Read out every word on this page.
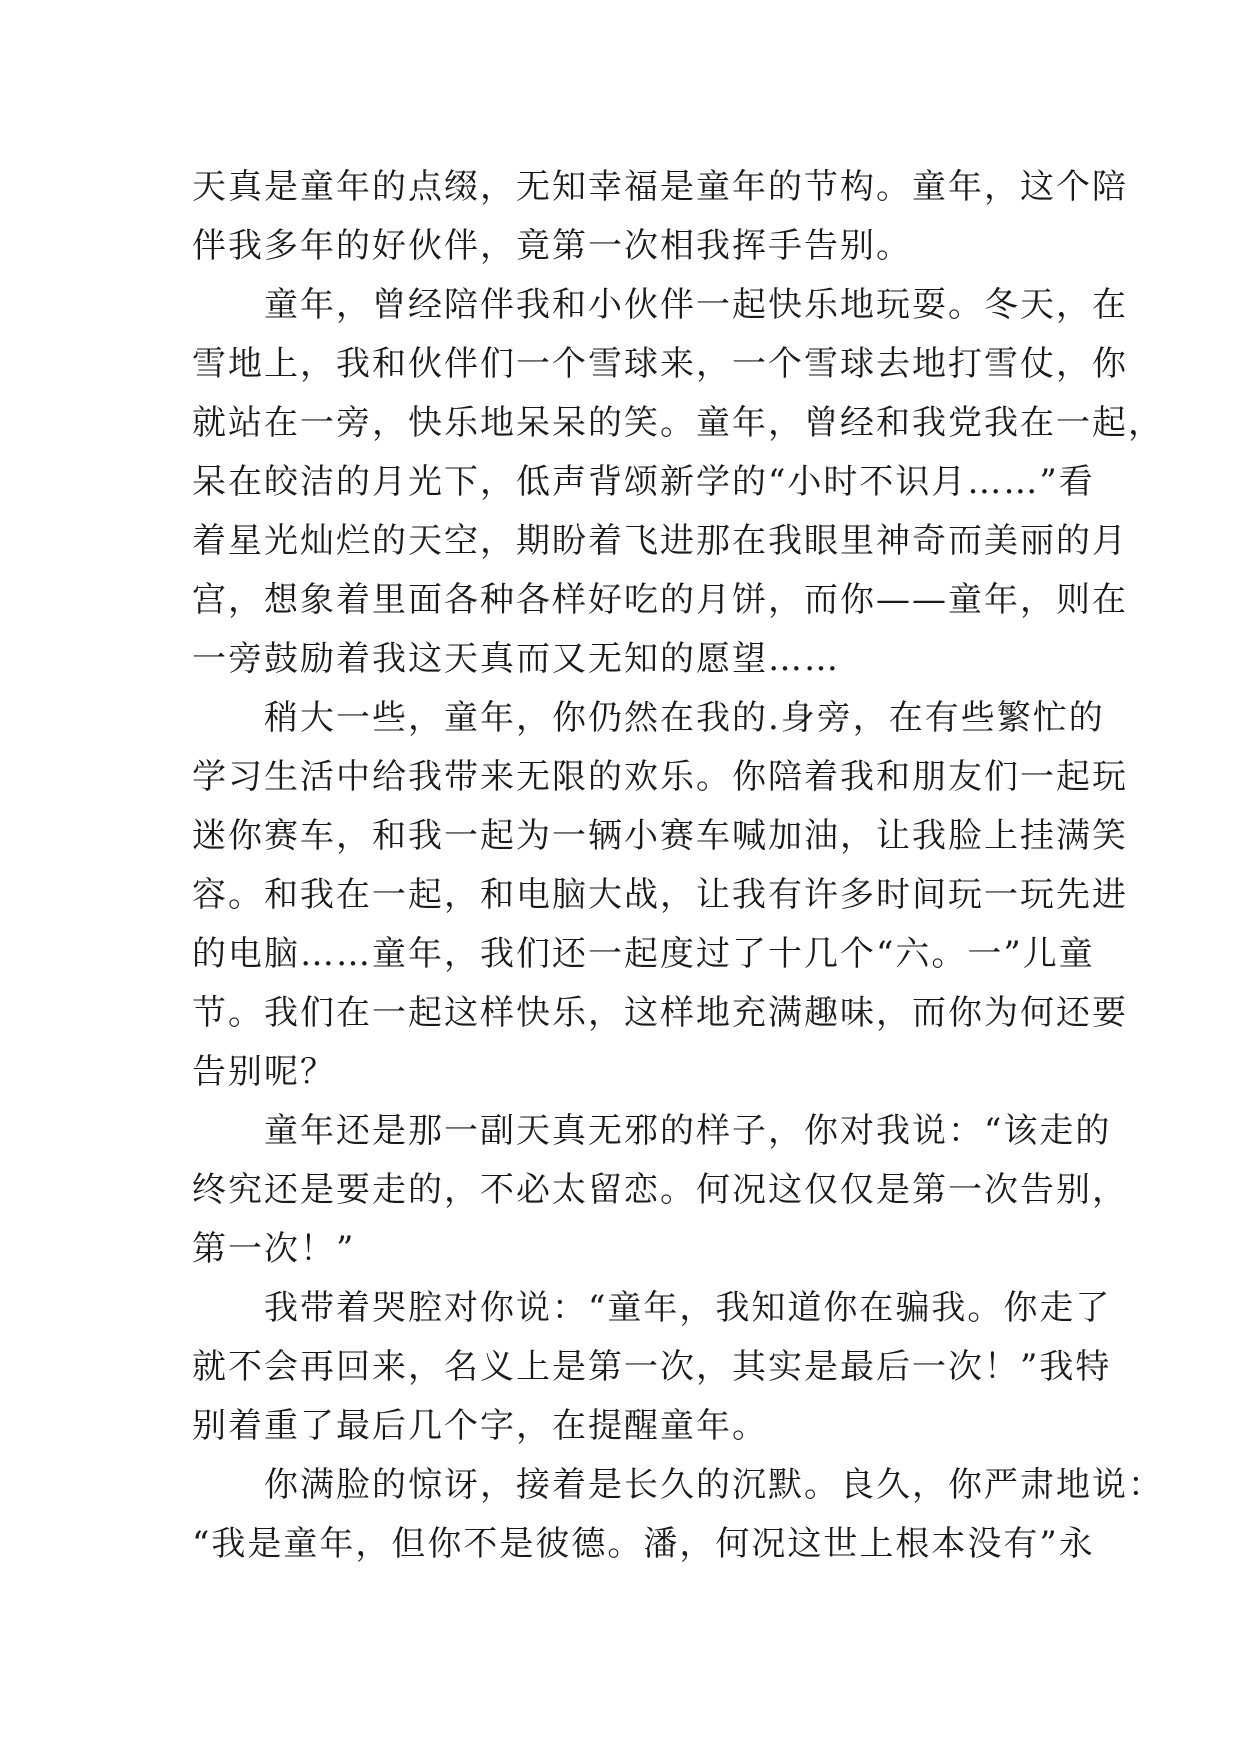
天真是童年的点缀，无知幸福是童年的节构。童年，这个陪
伴我多年的好伙伴，竟第一次相我挥手告别。
童年，曾经陪伴我和小伙伴一起快乐地玩耍。冬天，在
雪地上，我和伙伴们一个雪球来，一个雪球去地打雪仗，你
就站在一旁，快乐地呆呆的笑。童年，曾经和我党我在一起，
呆在皎洁的月光下，低声背颂新学的“小时不识月……”看
着星光灿烂的天空，期盼着飞进那在我眼里神奇而美丽的月
宫，想象着里面各种各样好吃的月饼，而你——童年，则在
一旁鼓励着我这天真而又无知的愿望……
稍大一些，童年，你仍然在我的.身旁，在有些繁忙的
学习生活中给我带来无限的欢乐。你陪着我和朋友们一起玩
迷你赛车，和我一起为一辆小赛车喊加油，让我脸上挂满笑
容。和我在一起，和电脑大战，让我有许多时间玩一玩先进
的电脑……童年，我们还一起度过了十几个“六。一”儿童
节。我们在一起这样快乐，这样地充满趣味，而你为何还要
告别呢？
童年还是那一副天真无邪的样子，你对我说：“该走的
终究还是要走的，不必太留恋。何况这仅仅是第一次告别，
第一次！”
我带着哭腔对你说：“童年，我知道你在骗我。你走了
就不会再回来，名义上是第一次，其实是最后一次！”我特
别着重了最后几个字，在提醒童年。
你满脸的惊讶，接着是长久的沉默。良久，你严肃地说：
“我是童年，但你不是彼德。潘，何况这世上根本没有”永
